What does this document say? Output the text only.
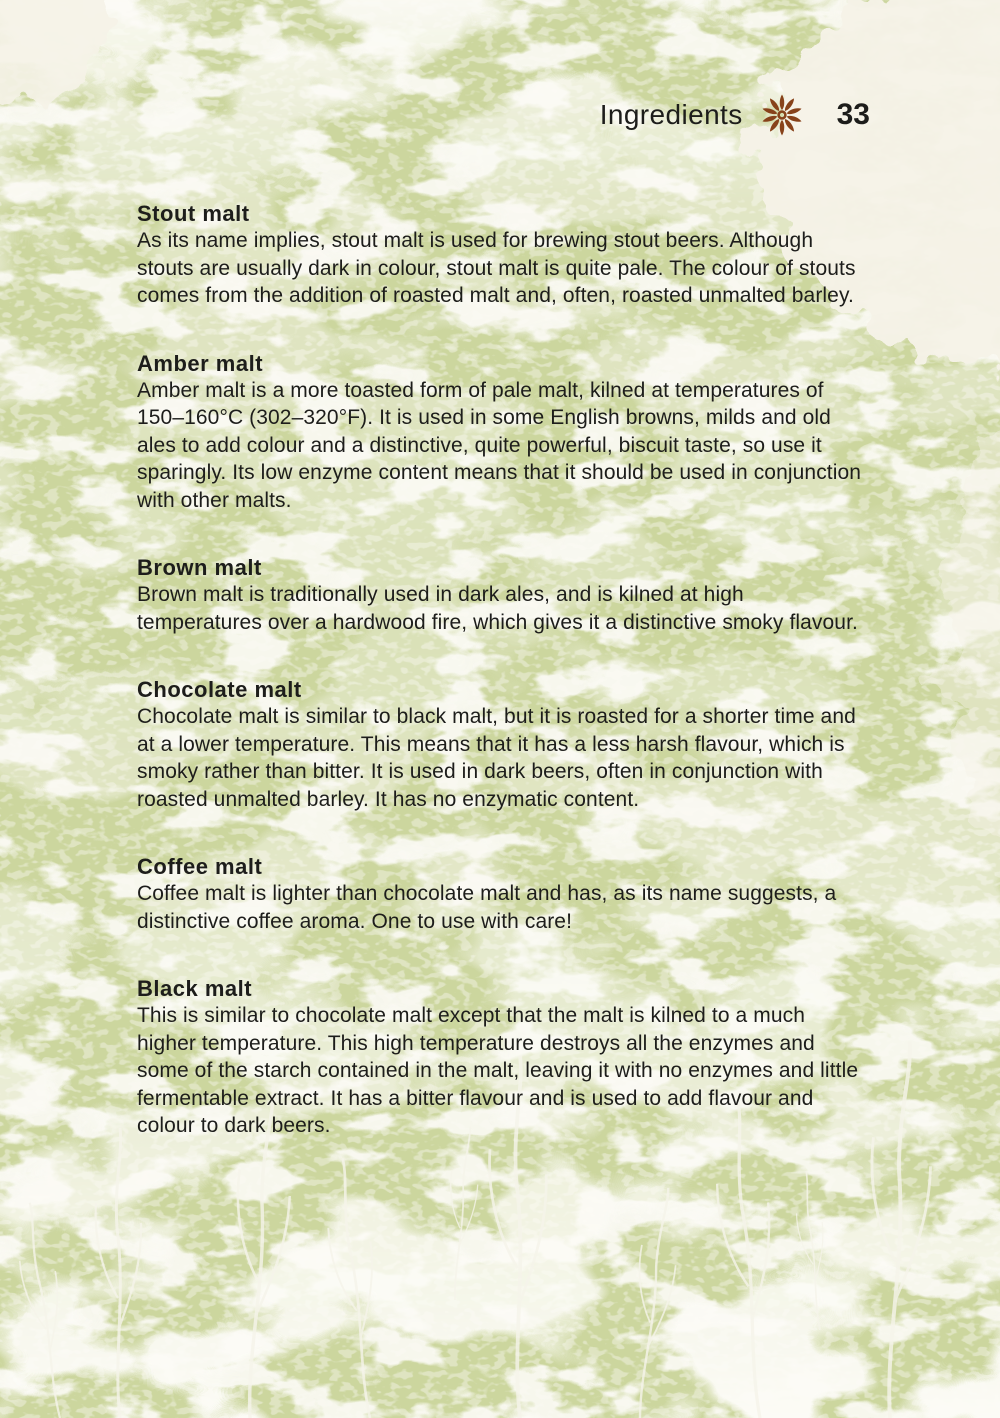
Ingredients	33
Stout malt

As its name implies, stout malt is used for brewing stout beers. Although stouts are usually dark in colour, stout malt is quite pale. The colour of stouts comes from the addition of roasted malt and, often, roasted unmalted barley.

Amber malt

Amber malt is a more toasted form of pale malt, kilned at temperatures of 150–160°C (302–320°F). It is used in some English browns, milds and old ales to add colour and a distinctive, quite powerful, biscuit taste, so use it sparingly. Its low enzyme content means that it should be used in conjunction with other malts.

Brown malt

Brown malt is traditionally used in dark ales, and is kilned at high temperatures over a hardwood fire, which gives it a distinctive smoky flavour.

Chocolate malt

Chocolate malt is similar to black malt, but it is roasted for a shorter time and at a lower temperature. This means that it has a less harsh flavour, which is smoky rather than bitter. It is used in dark beers, often in conjunction with roasted unmalted barley. It has no enzymatic content.

Coffee malt

Coffee malt is lighter than chocolate malt and has, as its name suggests, a distinctive coffee aroma. One to use with care!

Black malt

This is similar to chocolate malt except that the malt is kilned to a much higher temperature. This high temperature destroys all the enzymes and some of the starch contained in the malt, leaving it with no enzymes and little fermentable extract. It has a bitter flavour and is used to add flavour and colour to dark beers.
